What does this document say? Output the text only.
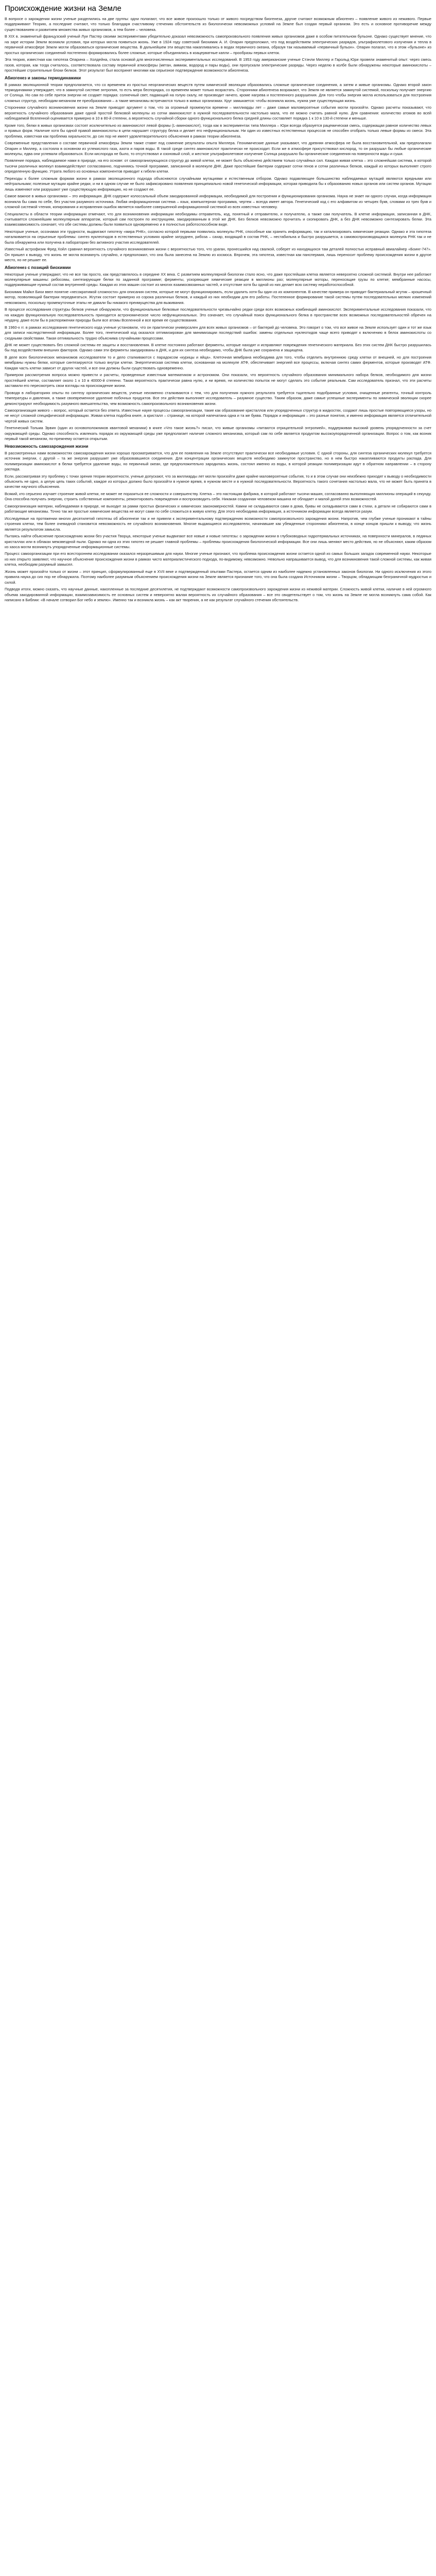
Происхождение жизни на Земле

В вопросе о зарождении жизни ученые разделились на две группы: одни полагают, что все живое произошло только от живого посредством биогенеза, другие считают возможным абиогенез – появление живого из неживого. Первые поддерживают Теорию, а последние считают, что только благодаря счастливому стечению обстоятельств из биологически невозможных условий на Земле был создан первый организм. Это есть и основное противоречие между существованием и развитием множества живых организмов, а тем более – человека.

В XIX в. знаменитый французский ученый Луи Пастер своими экспериментами убедительно доказал невозможность самопроизвольного появления живых организмов даже в особом питательном бульоне. Однако существует мнение, что на заре истории Земли возникли условия, при которых могла появиться жизнь. Уже в 1924 году советский биохимик А. И. Опарин предположил, что под воздействием электрических разрядов, ультрафиолетового излучения и тепла в первичной атмосфере Земли могли образоваться органические вещества. В дальнейшем эти вещества накапливались в водах первичного океана, образуя так называемый «первичный бульон». Опарин полагал, что в этом «бульоне» из простых органических соединений постепенно формировались более сложные, которые объединялись в коацерватные капли – прообразы первых клеток.

Эта теория, известная как гипотеза Опарина – Холдейна, стала основой для многочисленных экспериментальных исследований. В 1953 году американские ученые Стэнли Миллер и Гарольд Юри провели знаменитый опыт: через смесь газов, которая, как тогда считалось, соответствовала составу первичной атмосферы (метан, аммиак, водород и пары воды), они пропускали электрические разряды. Через неделю в колбе были обнаружены некоторые аминокислоты – простейшие строительные блоки белков. Этот результат был воспринят многими как серьезное подтверждение возможности абиогенеза.

Абиогенез и законы термодинамики

В рамках эволюционной теории предполагается, что со временем из простых неорганических веществ путем химической эволюции образовались сложные органические соединения, а затем и живые организмы. Однако второй закон термодинамики утверждает, что в замкнутой системе энтропия, то есть мера беспорядка, со временем может только возрастать. Сторонники абиогенеза возражают, что Земля не является замкнутой системой, поскольку получает энергию от Солнца. Но сам по себе приток энергии не создает порядка: солнечный свет, падающий на голую скалу, не производит ничего, кроме нагрева и постепенного разрушения. Для того чтобы энергия могла использоваться для построения сложных структур, необходим механизм ее преобразования – а такие механизмы встречаются только в живых организмах. Круг замыкается: чтобы возникла жизнь, нужна уже существующая жизнь.

Сторонники случайного возникновения жизни на Земле приводят аргумент о том, что за огромный промежуток времени – миллиарды лет – даже самые маловероятные события могли произойти. Однако расчеты показывают, что вероятность случайного образования даже одной простой белковой молекулы из сотни аминокислот в нужной последовательности настолько мала, что ее можно считать равной нулю. Для сравнения: количество атомов во всей наблюдаемой Вселенной оценивается примерно в 10 в 80-й степени, а вероятность случайной сборки одного функционального белка средней длины составляет порядка 1 к 10 в 130-й степени и меньше.

Кроме того, белки в живых организмах состоят исключительно из аминокислот левой формы (L-аминокислот), тогда как в экспериментах типа Миллера – Юри всегда образуется рацемическая смесь, содержащая равное количество левых и правых форм. Наличие хотя бы одной правой аминокислоты в цепи нарушает структуру белка и делает его нефункциональным. Ни один из известных естественных процессов не способен отобрать только левые формы из смеси. Эта проблема, известная как проблема хиральности, до сих пор не имеет удовлетворительного объяснения в рамках теории абиогенеза.

Современные представления о составе первичной атмосферы Земли также ставят под сомнение результаты опыта Миллера. Геохимические данные указывают, что древняя атмосфера не была восстановительной, как предполагали Опарин и Миллер, а состояла в основном из углекислого газа, азота и паров воды. В такой среде синтез аминокислот практически не происходит. Если же в атмосфере присутствовал кислород, то он разрушал бы любые органические молекулы, едва они успевали образоваться. Если кислорода не было, то отсутствовал и озоновый слой, и жесткое ультрафиолетовое излучение Солнца разрушало бы органические соединения на поверхности воды и суши.

Появление порядка, наблюдаемое нами в природе, на его основе: от самоорганизующихся структур до живой клетки, не может быть объяснено действием только случайных сил. Каждая живая клетка – это сложнейшая система, в которой тысячи различных молекул взаимодействуют согласованно, подчиняясь точной программе, записанной в молекуле ДНК. Даже простейшие бактерии содержат сотни генов и сотни различных белков, каждый из которых выполняет строго определенную функцию. Утрата любого из основных компонентов приводит к гибели клетки.

Переходы к более сложным формам жизни в рамках эволюционного подхода объясняются случайными мутациями и естественным отбором. Однако подавляющее большинство наблюдаемых мутаций являются вредными или нейтральными; полезные мутации крайне редки, и ни в одном случае не было зафиксировано появления принципиально новой генетической информации, которая приводила бы к образованию новых органов или систем органов. Мутации лишь изменяют или разрушают уже существующую информацию, но не создают ее.

Самое важное в живых организмах – это информация. ДНК содержит колоссальный объем закодированной информации, необходимой для построения и функционирования организма. Наука не знает ни одного случая, когда информация возникла бы сама по себе, без участия разумного источника. Любая информационная система – язык, компьютерная программа, чертеж – всегда имеет автора. Генетический код с его алфавитом из четырех букв, словами из трех букв и сложной системой чтения, копирования и исправления ошибок является наиболее совершенной информационной системой из всех известных человеку.

Специалисты в области теории информации отмечают, что для возникновения информации необходимы отправитель, код, понятный и отправителю, и получателю, а также сам получатель. В клетке информация, записанная в ДНК, считывается сложнейшим молекулярным аппаратом, который сам построен по инструкциям, закодированным в этой же ДНК. Без белков невозможно прочитать и скопировать ДНК, а без ДНК невозможно синтезировать белки. Эта взаимозависимость означает, что обе системы должны были появиться одновременно и в полностью работоспособном виде.

Некоторые ученые, осознавая эти трудности, выдвигают гипотезу «мира РНК», согласно которой первыми появились молекулы РНК, способные как хранить информацию, так и катализировать химические реакции. Однако и эта гипотеза наталкивается на серьезные проблемы: синтез нуклеотидов в естественных условиях крайне затруднен, рибоза – сахар, входящий в состав РНК, – нестабильна и быстро разрушается, а самовоспроизводящаяся молекула РНК так и не была обнаружена или получена в лаборатории без активного участия исследователей.

Известный астрофизик Фред Хойл сравнил вероятность случайного возникновения жизни с вероятностью того, что ураган, пронесшийся над свалкой, соберет из находящихся там деталей полностью исправный авиалайнер «Боинг-747». Он пришел к выводу, что жизнь не могла возникнуть случайно, и предположил, что она была занесена на Землю из космоса. Впрочем, эта гипотеза, известная как панспермия, лишь переносит проблему происхождения жизни в другое место, но не решает ее.

Абиогенез с позиций биохимии

Некоторые ученые утверждают, что не все так просто, как представлялось в середине XX века. С развитием молекулярной биологии стало ясно, что даже простейшая клетка является невероятно сложной системой. Внутри нее работают молекулярные машины: рибосомы, синтезирующие белки по заданной программе; ферменты, ускоряющие химические реакции в миллионы раз; молекулярные моторы, переносящие грузы по клетке; мембранные насосы, поддерживающие нужный состав внутренней среды. Каждая из этих машин состоит из многих взаимосвязанных частей, и отсутствие хотя бы одной из них делает всю систему неработоспособной.

Биохимик Майкл Бихи ввел понятие «несократимой сложности» для описания систем, которые не могут функционировать, если удалить хотя бы один из их компонентов. В качестве примера он приводит бактериальный жгутик – крошечный мотор, позволяющий бактерии передвигаться. Жгутик состоит примерно из сорока различных белков, и каждый из них необходим для его работы. Постепенное формирование такой системы путем последовательных мелких изменений невозможно, поскольку промежуточные этапы не давали бы никакого преимущества для выживания.

В процессе исследования структуры белков ученые обнаружили, что функциональные белковые последовательности чрезвычайно редки среди всех возможных комбинаций аминокислот. Экспериментальные исследования показали, что на каждую функциональную последовательность приходится астрономическое число нефункциональных. Это означает, что случайный поиск функционального белка в пространстве всех возможных последовательностей обречен на неудачу, даже если бы в распоряжении природы были все атомы Вселенной и все время ее существования.

В 1960-х гг. в рамках исследования генетического кода ученые установили, что он практически универсален для всех живых организмов – от бактерий до человека. Это говорит о том, что все живое на Земле использует один и тот же язык для записи наследственной информации. Более того, генетический код оказался оптимизирован для минимизации последствий ошибок: замены отдельных нуклеотидов чаще всего приводят к включению в белок аминокислоты со сходными свойствами. Такая оптимальность трудно объяснима случайными процессами.

ДНК не может существовать без сложной системы ее защиты и восстановления. В клетке постоянно работают ферменты, которые находят и исправляют повреждения генетического материала. Без этих систем ДНК быстро разрушилась бы под воздействием внешних факторов. Однако сами эти ферменты закодированы в ДНК, и для их синтеза необходимо, чтобы ДНК была уже сохранена и защищена.

В деле всех биологических механизмов исследователи то и дело сталкиваются с парадоксом «курицы и яйца». Клеточная мембрана необходима для того, чтобы отделить внутреннюю среду клетки от внешней, но для построения мембраны нужны белки, которые синтезируются только внутри клетки. Энергетическая система клетки, основанная на молекуле АТФ, обеспечивает энергией все процессы, включая синтез самих ферментов, которые производят АТФ. Каждая часть клетки зависит от других частей, и все они должны были существовать одновременно.

Примером рассмотрения вопроса можно привести и расчеты, проведенные известным математиком и астрономом. Они показали, что вероятность случайного образования минимального набора белков, необходимого для жизни простейшей клетки, составляет около 1 к 10 в 40000-й степени. Такая вероятность практически равна нулю, и ни время, ни количество попыток не могут сделать это событие реальным. Сам исследователь признал, что эти расчеты заставили его пересмотреть свои взгляды на происхождение жизни.

Проводя в лабораториях опыты по синтезу органических веществ, ученые неизменно сталкиваются с тем, что для получения нужного результата требуется тщательно подобранные условия, очищенные реагенты, точный контроль температуры и давления, а также своевременное удаление побочных продуктов. Все эти действия выполняет исследователь – разумное существо. Таким образом, даже самые успешные эксперименты по химической эволюции скорее демонстрируют необходимость разумного вмешательства, чем возможность самопроизвольного возникновения жизни.

Самоорганизация живого – вопрос, который остается без ответа. Известные науке процессы самоорганизации, такие как образование кристаллов или упорядоченных структур в жидкостях, создают лишь простые повторяющиеся узоры, но не несут сложной специфической информации. Живая клетка подобна книге, а кристалл – странице, на которой напечатана одна и та же буква. Порядок и информация – это разные понятия, и именно информация является отличительной чертой живых систем.

Генетический Тольма Эрвин (один из основоположников квантовой механики) в книге «Что такое жизнь?» писал, что живые организмы «питаются отрицательной энтропией», поддерживая высокий уровень упорядоченности за счет окружающей среды. Однако способность извлекать порядок из окружающей среды уже предполагает наличие сложного механизма, который сам по себе является продуктом высокоупорядоченной организации. Вопрос о том, как возник первый такой механизм, по-прежнему остается открытым.

Невозможность самозарождения жизни

В рассмотренных нами возможностях самозарождения жизни хорошо просматривается, что для ее появления на Земле отсутствуют практически все необходимые условия. С одной стороны, для синтеза органических молекул требуется источник энергии, с другой – та же энергия разрушает уже образовавшиеся соединения. Для концентрации органических веществ необходимо замкнутое пространство, но в нем быстро накапливаются продукты распада. Для полимеризации аминокислот в белки требуется удаление воды, но первичный океан, где предположительно зародилась жизнь, состоял именно из воды, в которой реакции полимеризации идут в обратном направлении – в сторону распада.

Если, рассматривая эту проблему с точки зрения теории вероятности, ученые допускают, что за миллиарды лет могли произойти даже крайне маловероятные события, то и в этом случае они неизбежно приходят к выводу о необходимости объяснить не одно, а целую цепь таких событий, каждое из которых должно было произойти в нужное время, в нужном месте и в нужной последовательности. Вероятность такого сочетания настолько мала, что не может быть принята в качестве научного объяснения.

Всякий, кто серьезно изучает строение живой клетки, не может не поразиться ее сложности и совершенству. Клетка – это настоящая фабрика, в которой работают тысячи машин, согласованно выполняющих миллионы операций в секунду. Она способна получать энергию, строить собственные компоненты, ремонтировать повреждения и воспроизводить себя. Никакая созданная человеком машина не обладает и малой долей этих возможностей.

Самоорганизация материи, наблюдаемая в природе, не выходит за рамки простых физических и химических закономерностей. Камни не складываются сами в дома, буквы не складываются сами в стихи, а детали не собираются сами в работающие механизмы. Точно так же простые химические вещества не могут сами по себе сложиться в живую клетку. Для этого необходима информация, а источником информации всегда является разум.

Исследуемые на протяжении многих десятилетий гипотезы об абиогенезе так и не привели к экспериментальному подтверждению возможности самопроизвольного зарождения жизни. Напротив, чем глубже ученые проникают в тайны строения клетки, тем более очевидной становится невозможность ее случайного возникновения. Многие выдающиеся исследователи, начинавшие как убежденные сторонники абиогенеза, в конце концов пришли к выводу, что жизнь является результатом замысла.

Пытаясь найти объяснение происхождению жизни без участия Творца, некоторые ученые выдвигают все новые и новые гипотезы: о зарождении жизни в глубоководных гидротермальных источниках, на поверхности минералов, в ледяных кристаллах или в облаках межзвездной пыли. Однако ни одна из этих гипотез не решает главной проблемы – проблемы происхождения биологической информации. Все они лишь меняют место действия, но не объясняют, каким образом из хаоса могли возникнуть упорядоченные информационные системы.

Процесс самоорганизации при его всестороннем исследовании оказался неразрешимым для науки. Многие ученые признают, что проблема происхождения жизни остается одной из самых больших загадок современной науки. Некоторые из них открыто заявляют, что научное объяснение происхождения жизни в рамках чисто материалистического подхода, по-видимому, невозможно. Невольно напрашивается вывод, что для возникновения такой сложной системы, как живая клетка, необходим разумный замысел.

Жизнь может произойти только от жизни – этот принцип, сформулированный еще в XVII веке и подтвержденный опытами Пастера, остается одним из наиболее надежно установленных законов биологии. Ни одного исключения из этого правила наука до сих пор не обнаружила. Поэтому наиболее разумным объяснением происхождения жизни на Земле является признание того, что она была создана Источником жизни – Творцом, обладающим безграничной мудростью и силой.

Подводя итоги, можно сказать, что научные данные, накопленные за последние десятилетия, не подтверждают возможности самопроизвольного зарождения жизни из неживой материи. Сложность живой клетки, наличие в ней огромного объема закодированной информации, взаимозависимость ее основных систем и невероятно малая вероятность их случайного образования – все это свидетельствует о том, что жизнь на Земле не могла возникнуть сама собой. Как написано в Библии: «В начале сотворил Бог небо и землю». Именно так и возникла жизнь – как акт творения, а не как результат случайного стечения обстоятельств.
